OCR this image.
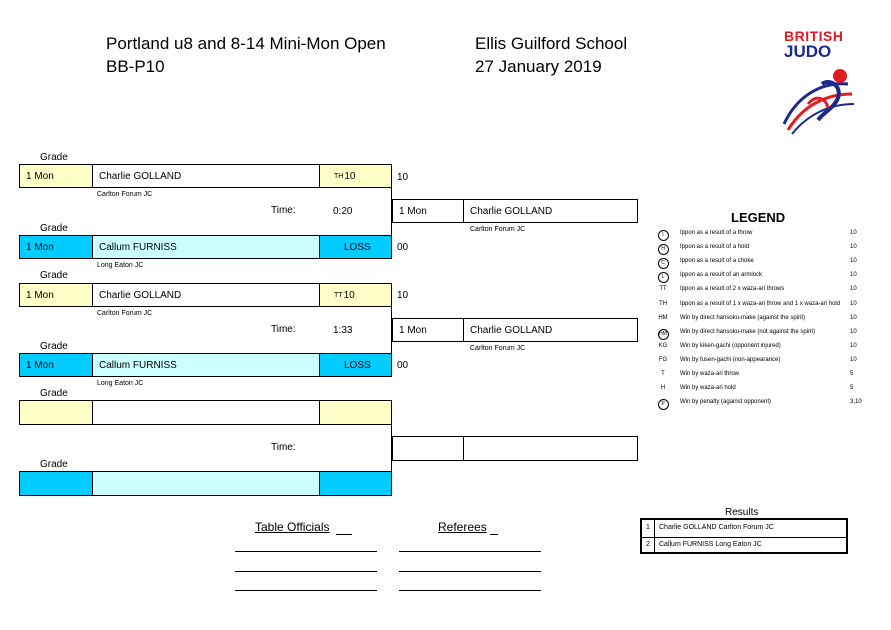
Portland u8 and 8-14 Mini-Mon Open
BB-P10
Ellis Guilford School
27 January 2019
BRITISH
JUDO
Grade
1 Mon	Charlie GOLLAND	TH 10	10
Carlton Forum JC
Time:	0:20
Grade
1 Mon	Callum FURNISS	LOSS	00
Long Eaton JC
1 Mon	Charlie GOLLAND
Carlton Forum JC
Grade
1 Mon	Charlie GOLLAND	TT 10	10
Carlton Forum JC
Time:	1:33
Grade
1 Mon	Callum FURNISS	LOSS	00
Long Eaton JC
1 Mon	Charlie GOLLAND
Carlton Forum JC
Grade
Time:
Grade
LEGEND
I	Ippon as a result of a throw	10
H	Ippon as a result of a hold	10
C	Ippon as a result of a choke	10
L	Ippon as a result of an armlock	10
TT	Ippon as a result of 2 x waza-ari throws	10
TH	Ippon as a result of 1 x waza-ari throw and 1 x waza-ari hold 10
HM	Win by direct hansoku-make (against the spirit)	10
HM	Win by direct hansoku-make (not against the spirit)	10
KG	Win by kiken-gachi (opponent injured)	10
FG	Win by fusen-gachi (non-appearance)	10
T	Win by waza-ari throw	5
H	Win by waza-ari hold	5
P	Win by penalty (against opponent)	3,10
Results
1 Charlie GOLLAND Carlton Forum JC
2 Callum FURNISS Long Eaton JC
Table Officials	Referees
